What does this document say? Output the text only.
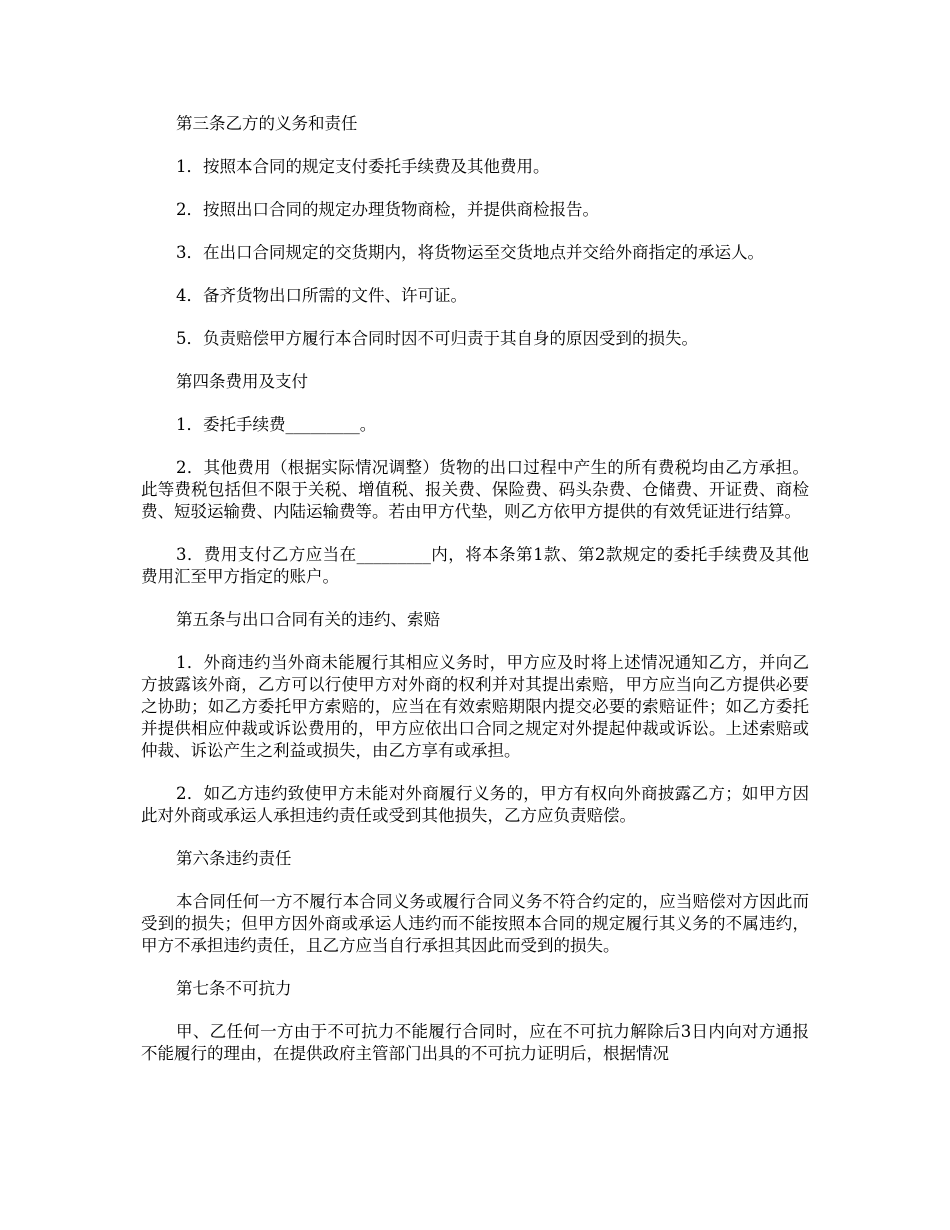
第三条乙方的义务和责任

1．按照本合同的规定支付委托手续费及其他费用。

2．按照出口合同的规定办理货物商检，并提供商检报告。

3．在出口合同规定的交货期内，将货物运至交货地点并交给外商指定的承运人。

4．备齐货物出口所需的文件、许可证。

5．负责赔偿甲方履行本合同时因不可归责于其自身的原因受到的损失。

第四条费用及支付

1．委托手续费_________。

2．其他费用（根据实际情况调整）货物的出口过程中产生的所有费税均由乙方承担。此等费税包括但不限于关税、增值税、报关费、保险费、码头杂费、仓储费、开证费、商检费、短驳运输费、内陆运输费等。若由甲方代垫，则乙方依甲方提供的有效凭证进行结算。

3．费用支付乙方应当在_________内，将本条第1款、第2款规定的委托手续费及其他费用汇至甲方指定的账户。

第五条与出口合同有关的违约、索赔

1．外商违约当外商未能履行其相应义务时，甲方应及时将上述情况通知乙方，并向乙方披露该外商，乙方可以行使甲方对外商的权利并对其提出索赔，甲方应当向乙方提供必要之协助；如乙方委托甲方索赔的，应当在有效索赔期限内提交必要的索赔证件；如乙方委托并提供相应仲裁或诉讼费用的，甲方应依出口合同之规定对外提起仲裁或诉讼。上述索赔或仲裁、诉讼产生之利益或损失，由乙方享有或承担。

2．如乙方违约致使甲方未能对外商履行义务的，甲方有权向外商披露乙方；如甲方因此对外商或承运人承担违约责任或受到其他损失，乙方应负责赔偿。

第六条违约责任

本合同任何一方不履行本合同义务或履行合同义务不符合约定的，应当赔偿对方因此而受到的损失；但甲方因外商或承运人违约而不能按照本合同的规定履行其义务的不属违约，甲方不承担违约责任，且乙方应当自行承担其因此而受到的损失。

第七条不可抗力

甲、乙任何一方由于不可抗力不能履行合同时，应在不可抗力解除后3日内向对方通报不能履行的理由，在提供政府主管部门出具的不可抗力证明后，根据情况
